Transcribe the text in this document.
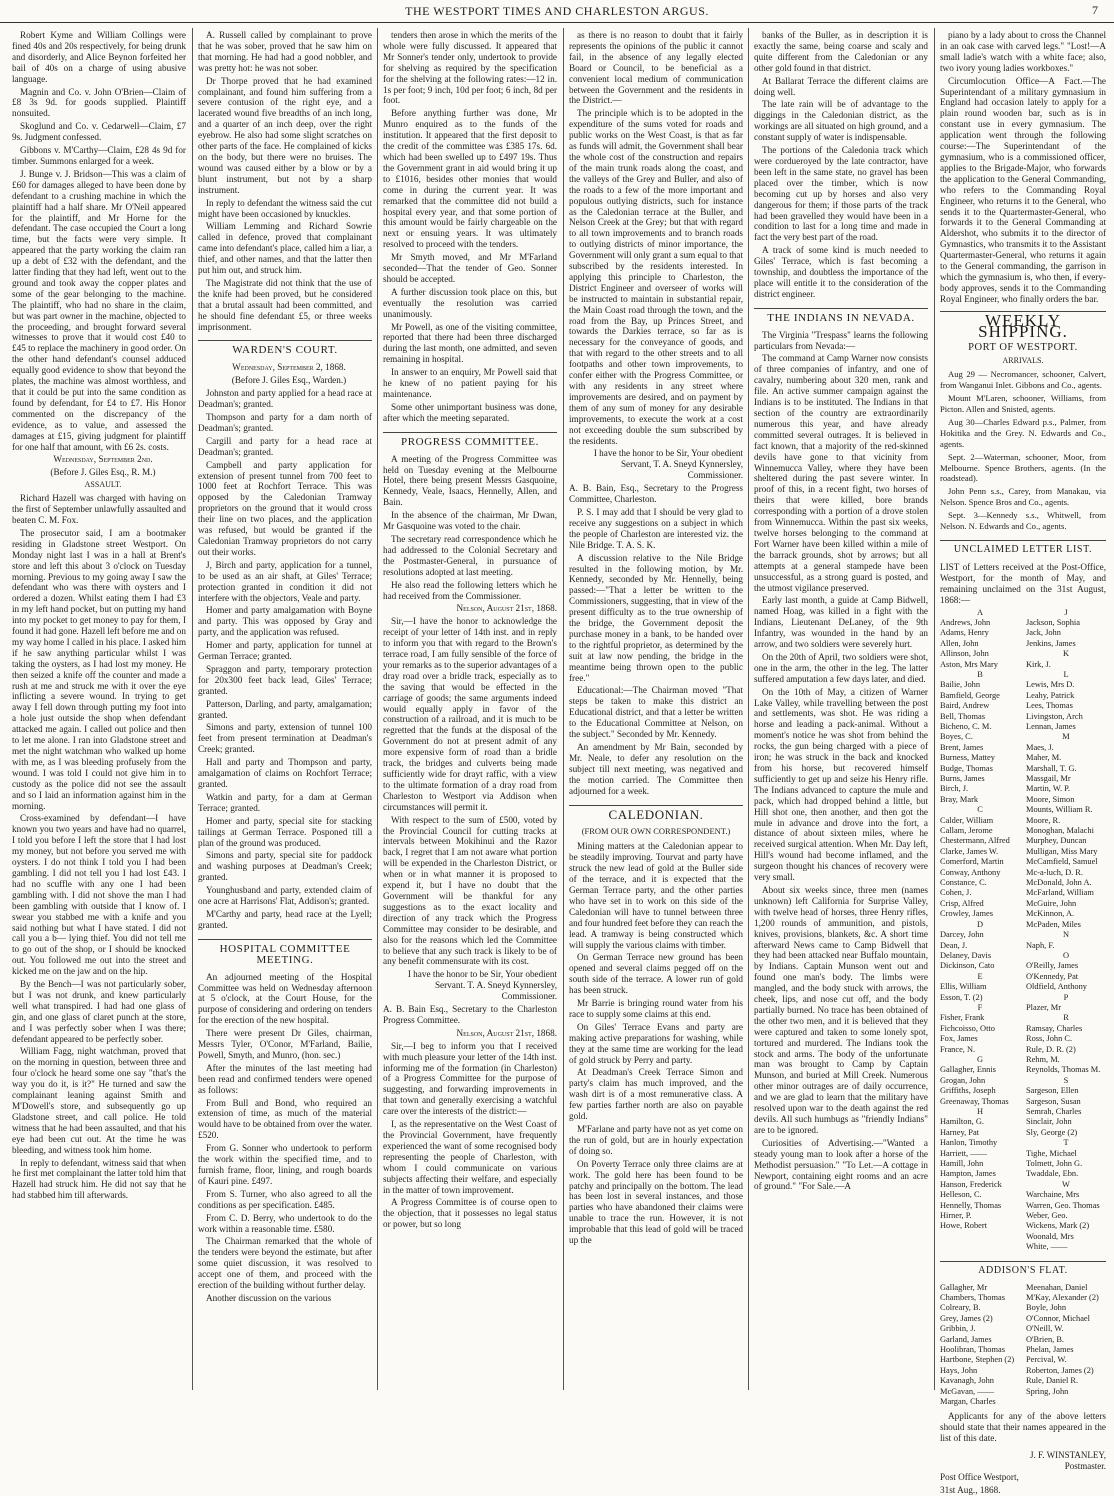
THE WESTPORT TIMES AND CHARLESTON ARGUS.	7

Robert Kyme and William Collings were fined 40s and 20s respectively, for being drunk and disorderly, and Alice Beynon forfeited her bail of 40s on a charge of using abusive language.

Magnin and Co. v. John O'Brien—Claim of £8 3s 9d. for goods supplied. Plaintiff nonsuited.

Skoglund and Co. v. Cedarwell—Claim, £7 9s. Judgment confessed.

Gibbons v. M'Carthy—Claim, £28 4s 9d for timber. Summons enlarged for a week.

J. Bunge v. J. Bridson—This was a claim of £60 for damages alleged to have been done by defendant to a crushing machine in which the plaintiff had a half share. Mr O'Neil appeared for the plaintiff, and Mr Horne for the defendant. The case occupied the Court a long time, but the facts were very simple. It appeared that the party working the claim ran up a debt of £32 with the defendant, and the latter finding that they had left, went out to the ground and took away the copper plates and some of the gear belonging to the machine. The plaintiff, who had no share in the claim, but was part owner in the machine, objected to the proceeding, and brought forward several witnesses to prove that it would cost £40 to £45 to replace the machinery in good order. On the other hand defendant's counsel adduced equally good evidence to show that beyond the plates, the machine was almost worthless, and that it could be put into the same condition as found by defendant, for £4 to £7. His Honor commented on the discrepancy of the evidence, as to value, and assessed the damages at £15, giving judgment for plaintiff for one half that amount, with £6 2s. costs.

Wednesday, September 2nd.

(Before J. Giles Esq., R. M.)

ASSAULT.

Richard Hazell was charged with having on the first of September unlawfully assaulted and beaten C. M. Fox.

The prosecutor said, I am a bootmaker residing in Gladstone street Westport. On Monday night last I was in a hall at Brent's store and left this about 3 o'clock on Tuesday morning. Previous to my going away I saw the defendant who was there with oysters and I ordered a dozen. Whilst eating them I had £3 in my left hand pocket, but on putting my hand into my pocket to get money to pay for them, I found it had gone. Hazell left before me and on my way home I called in his place. I asked him if he saw anything particular whilst I was taking the oysters, as I had lost my money. He then seized a knife off the counter and made a rush at me and struck me with it over the eye inflicting a severe wound. In trying to get away I fell down through putting my foot into a hole just outside the shop when defendant attacked me again. I called out police and then to let me alone. I ran into Gladstone street and met the night watchman who walked up home with me, as I was bleeding profusely from the wound. I was told I could not give him in to custody as the police did not see the assault and so I laid an information against him in the morning.

Cross-examined by defendant—I have known you two years and have had no quarrel, I told you before I left the store that I had lost my money, but not before you served me with oysters. I do not think I told you I had been gambling. I did not tell you I had lost £43. I had no scuffle with any one I had been gambling with. I did not shove the man I had been gambling with outside that I know of. I swear you stabbed me with a knife and you said nothing but what I have stated. I did not call you a b— lying thief. You did not tell me to go out of the shop, or I should be knocked out. You followed me out into the street and kicked me on the jaw and on the hip.

By the Bench—I was not particularly sober, but I was not drunk, and knew particularly well what transpired. I had had one glass of gin, and one glass of claret punch at the store, and I was perfectly sober when I was there; defendant appeared to be perfectly sober.

William Fagg, night watchman, proved that on the morning in question, between three and four o'clock he heard some one say "that's the way you do it, is it?" He turned and saw the complainant leaning against Smith and M'Dowell's store, and subsequently go up Gladstone street, and call police. He told witness that he had been assaulted, and that his eye had been cut out. At the time he was bleeding, and witness took him home.

In reply to defendant, witness said that when he first met complainant the latter told him that Hazell had struck him. He did not say that he had stabbed him till afterwards.

A. Russell called by complainant to prove that he was sober, proved that he saw him on that morning. He had had a good nobbler, and was pretty hot: he was not sober.

Dr Thorpe proved that he had examined complainant, and found him suffering from a severe contusion of the right eye, and a lacerated wound five breadths of an inch long, and a quarter of an inch deep, over the right eyebrow. He also had some slight scratches on other parts of the face. He complained of kicks on the body, but there were no bruises. The wound was caused either by a blow or by a blunt instrument, but not by a sharp instrument.

In reply to defendant the witness said the cut might have been occasioned by knuckles.

William Lemming and Richard Sowrie called in defence, proved that complainant came into defendant's place, called him a liar, a thief, and other names, and that the latter then put him out, and struck him.

The Magistrate did not think that the use of the knife had been proved, but he considered that a brutal assault had been committed, and he should fine defendant £5, or three weeks imprisonment.

WARDEN'S COURT.

Wednesday, September 2, 1868.

(Before J. Giles Esq., Warden.)

Johnston and party applied for a head race at Deadman's; granted.

Thompson and party for a dam north of Deadman's; granted.

Cargill and party for a head race at Deadman's; granted.

Campbell and party application for extension of present tunnel from 700 feet to 1000 feet at Rochfort Terrace. This was opposed by the Caledonian Tramway proprietors on the ground that it would cross their line on two places, and the application was refused, but would be granted if the Caledonian Tramway proprietors do not carry out their works.

J, Birch and party, application for a tunnel, to be used as an air shaft, at Giles' Terrace; protection granted in condition it did not interfere with the objectors, Veale and party.

Homer and party amalgamation with Boyne and party. This was opposed by Gray and party, and the application was refused.

Homer and party, application for tunnel at German Terrace; granted.

Spraggon and party, temporary protection for 20x300 feet back lead, Giles' Terrace; granted.

Patterson, Darling, and party, amalgamation; granted.

Simons and party, extension of tunnel 100 feet from present termination at Deadman's Creek; granted.

Hall and party and Thompson and party, amalgamation of claims on Rochfort Terrace; granted.

Watkin and party, for a dam at German Terrace; granted.

Homer and party, special site for stacking tailings at German Terrace. Posponed till a plan of the ground was produced.

Simons and party, special site for paddock and washing purposes at Deadman's Creek; granted.

Younghusband and party, extended claim of one acre at Harrisons' Flat, Addison's; granted.

M'Carthy and party, head race at the Lyell; granted.

HOSPITAL COMMITTEE MEETING.

An adjourned meeting of the Hospital Committee was held on Wednesday afternoon at 5 o'clock, at the Court House, for the purpose of considering and ordering on tenders for the erection of the new hospital.

There were present Dr Giles, chairman, Messrs Tyler, O'Conor, M'Farland, Bailie, Powell, Smyth, and Munro, (hon. sec.)

After the minutes of the last meeting had been read and confirmed tenders were opened as follows:

From Bull and Bond, who required an extension of time, as much of the material would have to be obtained from over the water. £520.

From G. Sonner who undertook to perform the work within the specified time, and to furnish frame, floor, lining, and rough boards of Kauri pine. £497.

From S. Turner, who also agreed to all the conditions as per specification. £485.

From C. D. Berry, who undertook to do the work within a reasonable time. £580.

The Chairman remarked that the whole of the tenders were beyond the estimate, but after some quiet discussion, it was resolved to accept one of them, and proceed with the erection of the building without further delay.

Another discussion on the various

tenders then arose in which the merits of the whole were fully discussed. It appeared that Mr Sonner's tender only, undertook to provide for shelving as required by the specification for the shelving at the following rates:—12 in. 1s per foot; 9 inch, 10d per foot; 6 inch, 8d per foot.

Before anything further was done, Mr Munro enquired as to the funds of the institution. It appeared that the first deposit to the credit of the committee was £385 17s. 6d. which had been swelled up to £497 19s. Thus the Government grant in aid would bring it up to £1016, besides other monies that would come in during the current year. It was remarked that the committee did not build a hospital every year, and that some portion of this amount would be fairly chargeable on the next or ensuing years. It was ultimately resolved to proceed with the tenders.

Mr Smyth moved, and Mr M'Farland seconded—That the tender of Geo. Sonner should be accepted.

A further discussion took place on this, but eventually the resolution was carried unanimously.

Mr Powell, as one of the visiting committee, reported that there had been three discharged during the last month, one admitted, and seven remaining in hospital.

In answer to an enquiry, Mr Powell said that he knew of no patient paying for his maintenance.

Some other unimportant business was done, after which the meeting separated.

PROGRESS COMMITTEE.

A meeting of the Progress Committee was held on Tuesday evening at the Melbourne Hotel, there being present Messrs Gasquoine, Kennedy, Veale, Isaacs, Hennelly, Allen, and Bain.

In the absence of the chairman, Mr Dwan, Mr Gasquoine was voted to the chair.

The secretary read correspondence which he had addressed to the Colonial Secretary and the Postmaster-General, in pursuance of resolutions adopted at last meeting.

He also read the following letters which he had received from the Commissioner.

Nelson, August 21st, 1868.

Sir,—I have the honor to acknowledge the receipt of your letter of 14th inst. and in reply to inform you that with regard to the Brown's terrace road, I am fully sensible of the force of your remarks as to the superior advantages of a dray road over a bridle track, especially as to the saving that would be effected in the carriage of goods; the same arguments indeed would equally apply in favor of the construction of a railroad, and it is much to be regretted that the funds at the disposal of the Government do not at present admit of any more expensive form of road than a bridle track, the bridges and culverts being made sufficiently wide for drayt raffic, with a view to the ultimate formation of a dray road from Charleston to Westport via Addison when circumstances will permit it.

With respect to the sum of £500, voted by the Provincial Council for cutting tracks at intervals between Mokihinui and the Razor back, I regret that I am not aware what portion will be expended in the Charleston District, or when or in what manner it is proposed to expend it, but I have no doubt that the Government will be thankful for any suggestions as to the exact locality and direction of any track which the Progress Committee may consider to be desirable, and also for the reasons which led the Committee to believe that any such track is likely to be of any benefit commensurate with its cost.

I have the honor to be Sir, Your obedient Servant. T. A. Sneyd Kynnersley, Commissioner.

A. B. Bain Esq., Secretary to the Charleston Progress Committee.

Nelson, August 21st, 1868.

Sir,—I beg to inform you that I received with much pleasure your letter of the 14th inst. informing me of the formation (in Charleston) of a Progress Committee for the purpose of suggesting, and forwarding improvements in that town and generally exercising a watchful care over the interests of the district:—

I, as the representative on the West Coast of the Provincial Government, have frequently experienced the want of some recognised body representing the people of Charleston, with whom I could communicate on various subjects affecting their welfare, and especially in the matter of town improvement.

A Progress Committee is of course open to the objection, that it possesses no legal status or power, but so long

as there is no reason to doubt that it fairly represents the opinions of the public it cannot fail, in the absence of any legally elected Board or Council, to be beneficial as a convenient local medium of communication between the Government and the residents in the District.—

The principle which is to be adopted in the expenditure of the sums voted for roads and public works on the West Coast, is that as far as funds will admit, the Government shall bear the whole cost of the construction and repairs of the main trunk roads along the coast, and the valleys of the Grey and Buller, and also of the roads to a few of the more important and populous outlying districts, such for instance as the Caledonian terrace at the Buller, and Nelson Creek at the Grey; but that with regard to all town improvements and to branch roads to outlying districts of minor importance, the Government will only grant a sum equal to that subscribed by the residents interested. In applying this principle to Charleston, the District Engineer and overseer of works will be instructed to maintain in substantial repair, the Main Coast road through the town, and the road from the Bay, up Princes Street, and towards the Darkies terrace, so far as is necessary for the conveyance of goods, and that with regard to the other streets and to all footpaths and other town improvements, to confer either with the Progress Committee, or with any residents in any street where improvements are desired, and on payment by them of any sum of money for any desirable improvements, to execute the work at a cost not exceeding double the sum subscribed by the residents.

I have the honor to be Sir, Your obedient Servant, T. A. Sneyd Kynnersley, Commissioner.

A. B. Bain, Esq., Secretary to the Progress Committee, Charleston.

P. S. I may add that I should be very glad to receive any suggestions on a subject in which the people of Charleston are interested viz. the Nile Bridge. T. A. S. K.

A discussion relative to the Nile Bridge resulted in the following motion, by Mr. Kennedy, seconded by Mr. Hennelly, being passed:—"That a letter be written to the Commissioners, suggesting, that in view of the present difficulty as to the true ownership of the bridge, the Government deposit the purchase money in a bank, to be handed over to the rightful proprietor, as determined by the suit at law now pending, the bridge in the meantime being thrown open to the public free."

Educational:—The Chairman moved "That steps be taken to make this district an Educational district, and that a letter be written to the Educational Committee at Nelson, on the subject." Seconded by Mr. Kennedy.

An amendment by Mr Bain, seconded by Mr. Neale, to defer any resolution on the subject till next meeting, was negatived and the motion carried. The Committee then adjourned for a week.

CALEDONIAN.
(FROM OUR OWN CORRESPONDENT.)

Mining matters at the Caledonian appear to be steadily improving. Tourvat and party have struck the new lead of gold at the Buller side of the terrace, and it is expected that the German Terrace party, and the other parties who have set in to work on this side of the Caledonian will have to tunnel between three and four hundred feet before they can reach the lead. A tramway is being constructed which will supply the various claims with timber.

On German Terrace new ground has been opened and several claims pegged off on the south side of the terrace. A lower run of gold has been struck.

Mr Barrie is bringing round water from his race to supply some claims at this end.

On Giles' Terrace Evans and party are making active preparations for washing, while they at the same time are working for the lead of gold struck by Perry and party.

At Deadman's Creek Terrace Simon and party's claim has much improved, and the wash dirt is of a most remunerative class. A few parties farther north are also on payable gold.

M'Farlane and party have not as yet come on the run of gold, but are in hourly expectation of doing so.

On Poverty Terrace only three claims are at work. The gold here has been found to be patchy and principally on the bottom. The lead has been lost in several instances, and those parties who have abandoned their claims were unable to trace the run. However, it is not improbable that this lead of gold will be traced up the

banks of the Buller, as in description it is exactly the same, being coarse and scaly and quite different from the Caledonian or any other gold found in that district.

At Ballarat Terrace the different claims are doing well.

The late rain will be of advantage to the diggings in the Caledonian district, as the workings are all situated on high ground, and a constant supply of water is indispensable.

The portions of the Caledonia track which were cordueroyed by the late contractor, have been left in the same state, no gravel has been placed over the timber, which is now becoming cut up by horses and also very dangerous for them; if those parts of the track had been gravelled they would have been in a condition to last for a long time and made in fact the very best part of the road.

A track of some kind is much needed to Giles' Terrace, which is fast becoming a township, and doubtless the importance of the place will entitle it to the consideration of the district engineer.

THE INDIANS IN NEVADA.

The Virginia "Trespass" learns the following particulars from Nevada:—

The command at Camp Warner now consists of three companies of infantry, and one of cavalry, numbering about 320 men, rank and file. An active summer campaign against the Indians is to be instituted. The Indians in that section of the country are extraordinarily numerous this year, and have already committed several outrages. It is believed in fact known, that a majority of the red-skinned devils have gone to that vicinity from Winnemucca Valley, where they have been sheltered during the past severe winter. In proof of this, in a recent fight, two horses of theirs that were killed, bore brands corresponding with a portion of a drove stolen from Winnemucca. Within the past six weeks, twelve horses belonging to the command at Fort Warner have been killed within a mile of the barrack grounds, shot by arrows; but all attempts at a general stampede have been unsuccessful, as a strong guard is posted, and the utmost vigilance preserved.

Early last month, a guide at Camp Bidwell, named Hoag, was killed in a fight with the Indians, Lieutenant DeLaney, of the 9th Infantry, was wounded in the hand by an arrow, and two soldiers were severely hurt.

On the 20th of April, two soldiers were shot, one in the arm, the other in the leg. The latter suffered amputation a few days later, and died.

On the 10th of May, a citizen of Warner Lake Valley, while travelling between the post and settlements, was shot. He was riding a horse and leading a pack-animal. Without a moment's notice he was shot from behind the rocks, the gun being charged with a piece of iron; he was struck in the back and knocked from his horse, but recovered himself sufficiently to get up and seize his Henry rifle. The Indians advanced to capture the mule and pack, which had dropped behind a little, but Hill shot one, then another, and then got the mule in advance and drove into the fort, a distance of about sixteen miles, where he received surgical attention. When Mr. Day left, Hill's wound had become inflamed, and the surgeon thought his chances of recovery were very small.

About six weeks since, three men (names unknown) left California for Surprise Valley, with twelve head of horses, three Henry rifles, 1,200 rounds of ammunition, and pistols, knives, provisions, blankets, &c. A short time afterward News came to Camp Bidwell that they had been attacked near Buffalo mountain, by Indians. Captain Munson went out and found one man's body. The limbs were mangled, and the body stuck with arrows, the cheek, lips, and nose cut off, and the body partially burned. No trace has been obtained of the other two men, and it is believed that they were captured and taken to some lonely spot, tortured and murdered. The Indians took the stock and arms. The body of the unfortunate man was brought to Camp by Captain Munson, and buried at Mill Creek. Numerous other minor outrages are of daily occurrence, and we are glad to learn that the military have resolved upon war to the death against the red devils. All such humbugs as "friendly Indians" are to be ignored.

Curiosities of Advertising.—"Wanted a steady young man to look after a horse of the Methodist persuasion." "To Let.—A cottage in Newport, containing eight rooms and an acre of ground." "For Sale.—A

piano by a lady about to cross the Channel in an oak case with carved legs." "Lost!—A small ladie's watch with a white face; also, two ivory young ladies workboxes."

Circumlocution Office—A Fact.—The Superintendant of a military gymnasium in England had occasion lately to apply for a plain round wooden bar, such as is in constant use in every gymnasium. The application went through the following course:—The Superintendant of the gymnasium, who is a commissioned officer, applies to the Brigade-Major, who forwards the application to the General Commanding, who refers to the Commanding Royal Engineer, who returns it to the General, who sends it to the Quartermaster-General, who forwards it to the General Commanding at Aldershot, who submits it to the director of Gymnastics, who transmits it to the Assistant Quartermaster-General, who returns it again to the General commanding, the garrison in which the gymnasium is, who then, if every-body approves, sends it to the Commanding Royal Engineer, who finally orders the bar.

WEEKLY SHIPPING.
PORT OF WESTPORT.
ARRIVALS.

Aug 29 — Necromancer, schooner, Calvert, from Wanganui Inlet. Gibbons and Co., agents.

Mount M'Laren, schooner, Williams, from Picton. Allen and Snisted, agents.

Aug 30—Charles Edward p.s., Palmer, from Hokitika and the Grey. N. Edwards and Co., agents.

Sept. 2—Waterman, schooner, Moor, from Melbourne. Spence Brothers, agents. (In the roadstead).

John Penn s.s., Carey, from Manakau, via Nelson. Spence Bros and Co., agents.

Sept. 3—Kennedy s.s., Whitwell, from Nelson. N. Edwards and Co., agents.

UNCLAIMED LETTER LIST.

LIST of Letters received at the Post-Office, Westport, for the month of May, and remaining unclaimed on the 31st August, 1868:—

A
Andrews, John
Adams, Henry
Allen, John
Allinson, John
Aston, Mrs Mary
B
Bailie, John
Bamfield, George
Baird, Andrew
Bell, Thomas
Bicheno, C. M.
Boyes, C.
Brent, James
Burness, Mattey
Budge, Thomas
Burns, James
Birch, J.
Bray, Mark
C
Calder, William
Callam, Jerome
Chestermann, Alfred
Clarke, James W.
Comerford, Martin
Conway, Anthony
Constance, C.
Cohen, J.
Crisp, Alfred
Crowley, James
D
Darcey, John
Dean, J.
Delaney, Davis
Dickinson, Cato
E
Ellis, William
Esson, T. (2)
F
Fisher, Frank
Fichcoisso, Otto
Fox, James
France, N.
G
Gallagher, Ennis
Grogan, John
Griffiths, Joseph
Greenaway, Thomas
H
Hamilton, G.
Harney, Pat
Hanlon, Timothy
Harriett, ——
Hamill, John
Hampton, James
Hanson, Frederick
Helleson, C.
Hennelly, Thomas
Hirner, P.
Howe, Robert
J
Jackson, Sophia
Jack, John
Jenkins, James
K
Kirk, J.
L
Lewis, Mrs D.
Leahy, Patrick
Lees, Thomas
Livingston, Arch
Lennan, James
M
Maes, J.
Maher, M.
Marshall, T. G.
Massgail, Mr
Martin, W. P.
Moore, Simon
Mounts, William R.
Moore, R.
Monoghan, Malachi
Murphey, Duncan
Mulligan, Miss Mary
McCamfield, Samuel
Mc-a-luch, D. R.
McDonald, John A.
McFarland, William
McGuire, John
McKinnon, A.
McPaden, Miles
N
Naph, F.
O
O'Reilly, James
O'Kennedy, Pat
Oldfield, Anthony
P
Plazer, Mr
R
Ramsay, Charles
Ross, John C.
Rule, D. R. (2)
Rehm, M.
Reynolds, Thomas M.
S
Sargeson, Ellen
Sargeson, Susan
Semrah, Charles
Sinclair, John
Sly, George (2)
T
Tighe, Michael
Tolmett, John G.
Twaddale, Ebn.
W
Warchaine, Mrs
Warren, Geo. Thomas
Weber, Geo.
Wickens, Mark (2)
Woonald, Mrs
White, ——
ADDISON'S FLAT.
Gallagher, Mr
Chambers, Thomas
Colreary, B.
Grey, James (2)
Gribbin, J.
Garland, James
Hoolibran, Thomas
Hartbone, Stephen (2)
Hays, John
Kavanagh, John
McGavan, ——
Margan, Charles
Meenahan, Daniel
M'Kay, Alexander (2)
Boyle, John
O'Connor, Michael
O'Neill, W.
O'Brien, B.
Phelan, James
Percival, W.
Roberton, James (2)
Rule, Daniel R.
Spring, John

Applicants for any of the above letters should state that their names appeared in the list of this date.

J. F. WINSTANLEY,
Postmaster.

Post Office Westport,

31st Aug., 1868.
